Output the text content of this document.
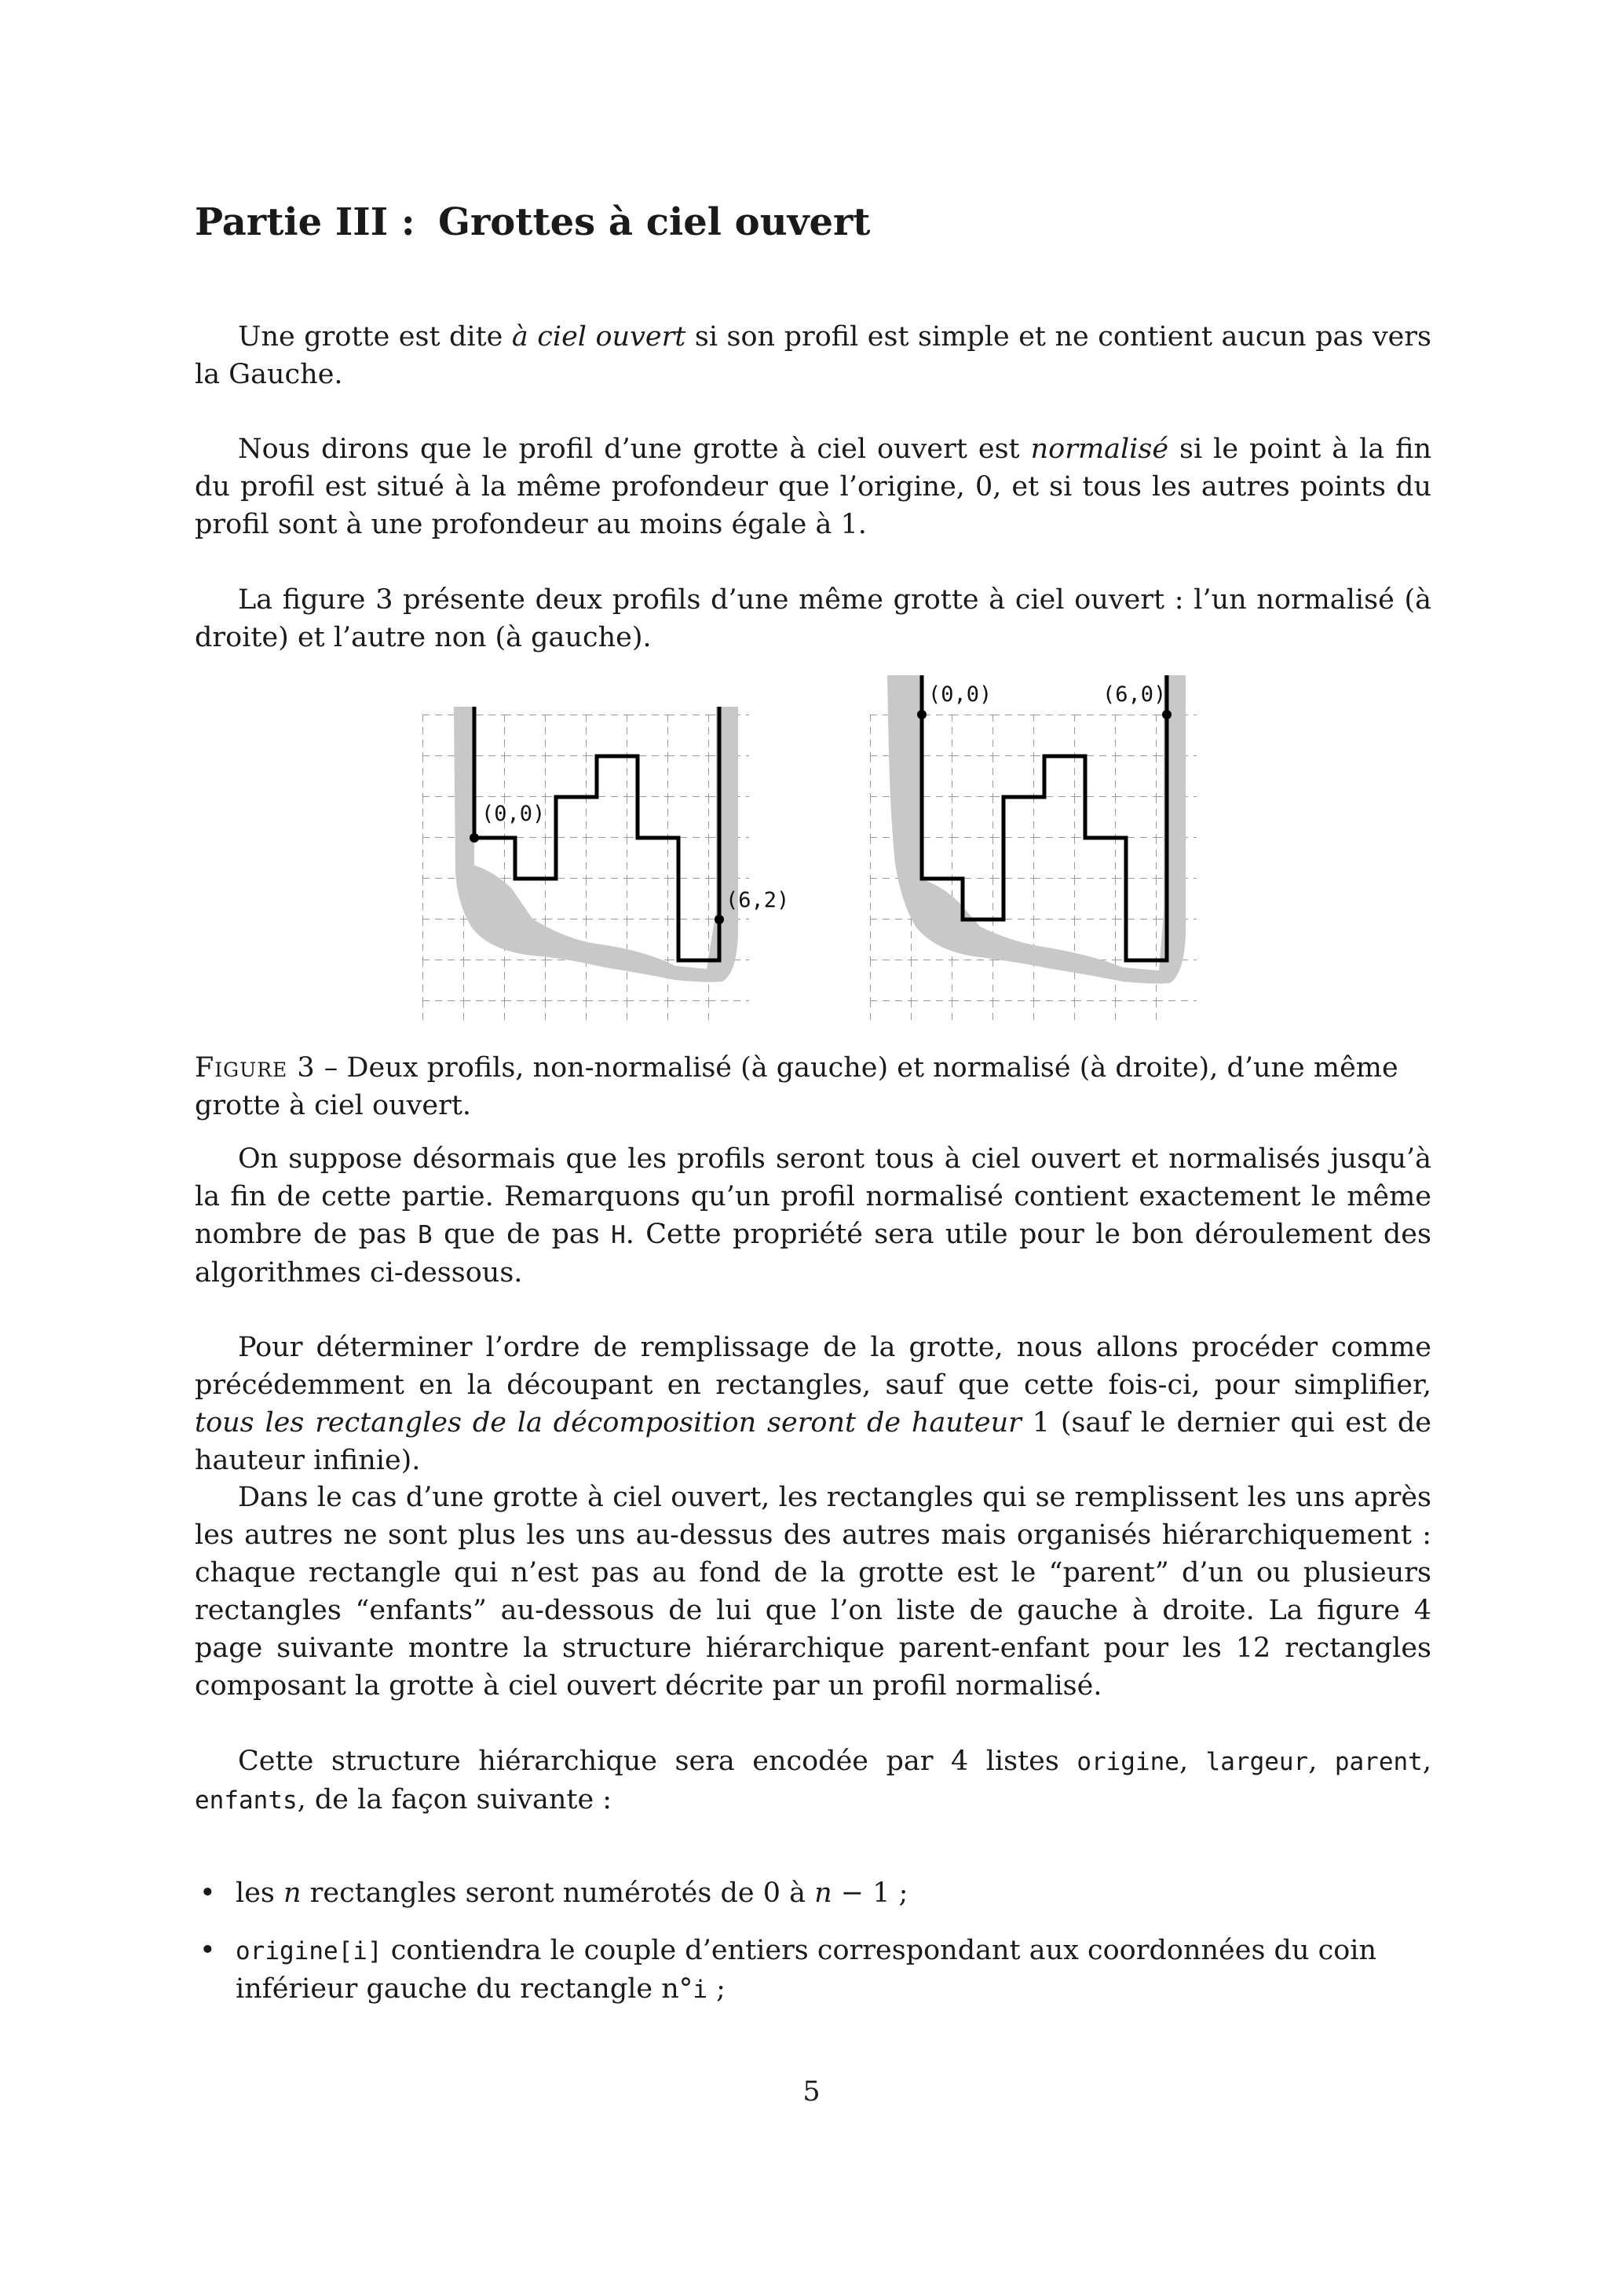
Partie III : Grottes à ciel ouvert

Une grotte est dite à ciel ouvert si son profil est simple et ne contient aucun pas vers la Gauche.

Nous dirons que le profil d’une grotte à ciel ouvert est normalisé si le point à la fin du profil est situé à la même profondeur que l’origine, 0, et si tous les autres points du profil sont à une profondeur au moins égale à 1.

La figure 3 présente deux profils d’une même grotte à ciel ouvert : l’un normalisé (à droite) et l’autre non (à gauche).

(0,0)
(6,2)
(0,0)	(6,0)

Figure 3 – Deux profils, non-normalisé (à gauche) et normalisé (à droite), d’une même grotte à ciel ouvert.

On suppose désormais que les profils seront tous à ciel ouvert et normalisés jusqu’à la fin de cette partie. Remarquons qu’un profil normalisé contient exactement le même nombre de pas B que de pas H. Cette propriété sera utile pour le bon déroulement des algorithmes ci-dessous.

Pour déterminer l’ordre de remplissage de la grotte, nous allons procéder comme précédemment en la découpant en rectangles, sauf que cette fois-ci, pour simplifier, tous les rectangles de la décomposition seront de hauteur 1 (sauf le dernier qui est de hauteur infinie).

Dans le cas d’une grotte à ciel ouvert, les rectangles qui se remplissent les uns après les autres ne sont plus les uns au-dessus des autres mais organisés hiérarchiquement : chaque rectangle qui n’est pas au fond de la grotte est le “parent” d’un ou plusieurs rectangles “enfants” au-dessous de lui que l’on liste de gauche à droite. La figure 4 page suivante montre la structure hiérarchique parent-enfant pour les 12 rectangles composant la grotte à ciel ouvert décrite par un profil normalisé.

Cette structure hiérarchique sera encodée par 4 listes origine, largeur, parent, enfants, de la façon suivante :

• les n rectangles seront numérotés de 0 à n − 1 ;

• origine[i] contiendra le couple d’entiers correspondant aux coordonnées du coin inférieur gauche du rectangle n°i ;

5
